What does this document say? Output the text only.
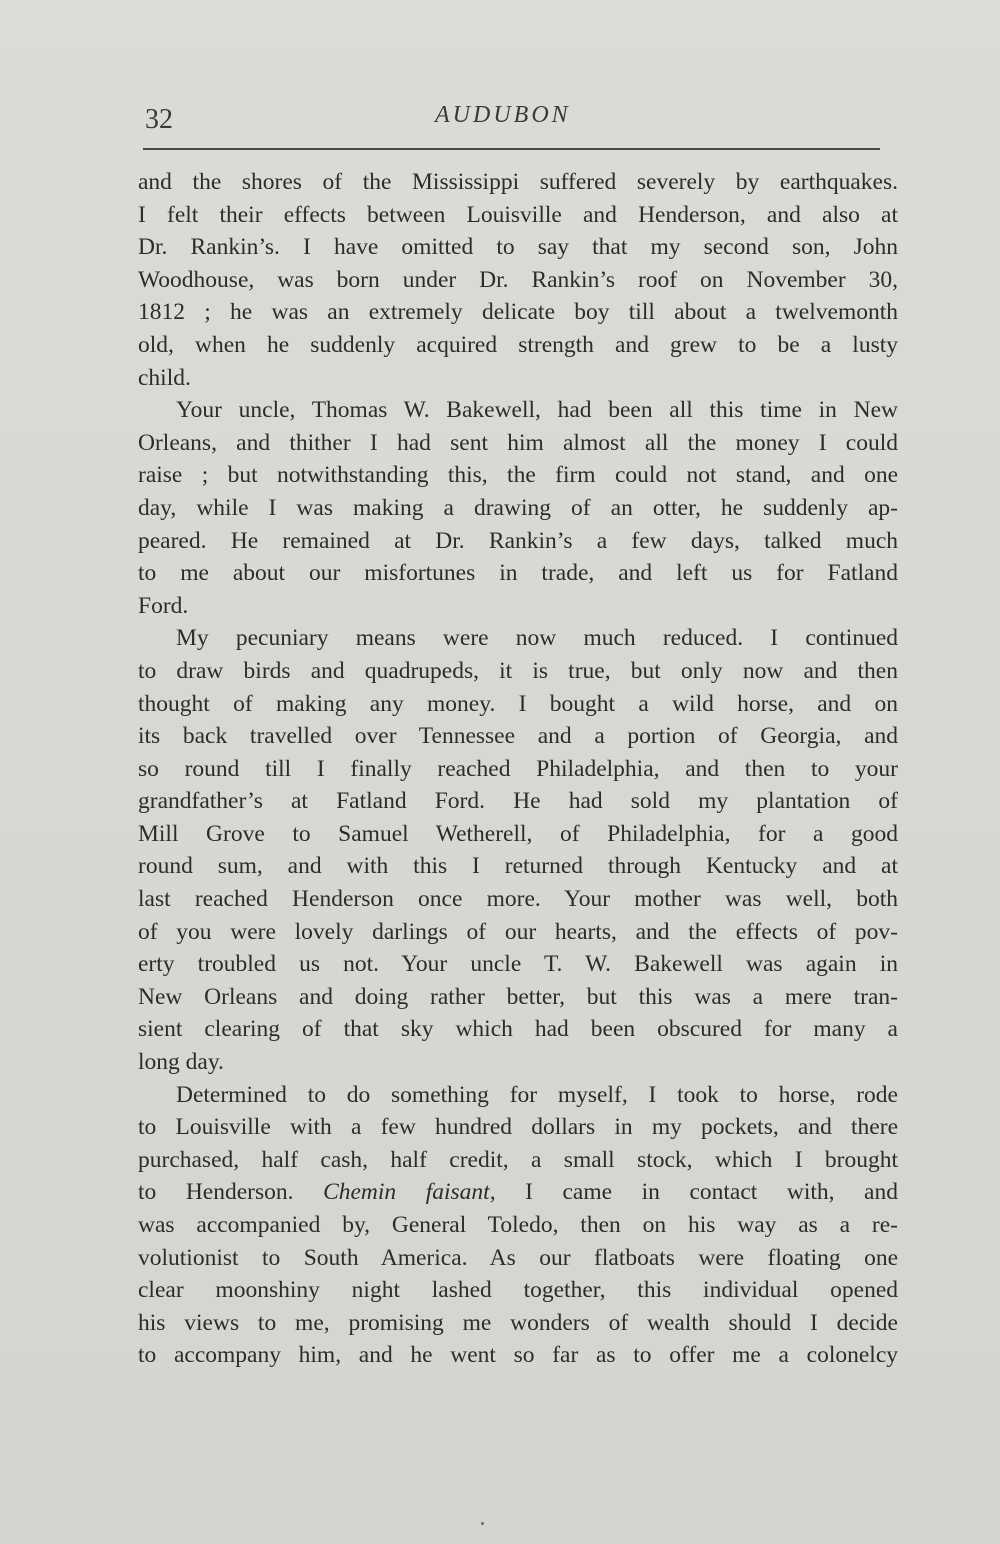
32	AUDUBON
and the shores of the Mississippi suffered severely by earthquakes.
I felt their effects between Louisville and Henderson, and also at
Dr. Rankin’s. I have omitted to say that my second son, John
Woodhouse, was born under Dr. Rankin’s roof on November 30,
1812 ; he was an extremely delicate boy till about a twelvemonth
old, when he suddenly acquired strength and grew to be a lusty
child.
Your uncle, Thomas W. Bakewell, had been all this time in New
Orleans, and thither I had sent him almost all the money I could
raise ; but notwithstanding this, the firm could not stand, and one
day, while I was making a drawing of an otter, he suddenly ap-
peared. He remained at Dr. Rankin’s a few days, talked much
to me about our misfortunes in trade, and left us for Fatland
Ford.
My pecuniary means were now much reduced. I continued
to draw birds and quadrupeds, it is true, but only now and then
thought of making any money. I bought a wild horse, and on
its back travelled over Tennessee and a portion of Georgia, and
so round till I finally reached Philadelphia, and then to your
grandfather’s at Fatland Ford. He had sold my plantation of
Mill Grove to Samuel Wetherell, of Philadelphia, for a good
round sum, and with this I returned through Kentucky and at
last reached Henderson once more. Your mother was well, both
of you were lovely darlings of our hearts, and the effects of pov-
erty troubled us not. Your uncle T. W. Bakewell was again in
New Orleans and doing rather better, but this was a mere tran-
sient clearing of that sky which had been obscured for many a
long day.
Determined to do something for myself, I took to horse, rode
to Louisville with a few hundred dollars in my pockets, and there
purchased, half cash, half credit, a small stock, which I brought
to Henderson. Chemin faisant, I came in contact with, and
was accompanied by, General Toledo, then on his way as a re-
volutionist to South America. As our flatboats were floating one
clear moonshiny night lashed together, this individual opened
his views to me, promising me wonders of wealth should I decide
to accompany him, and he went so far as to offer me a colonelcy
